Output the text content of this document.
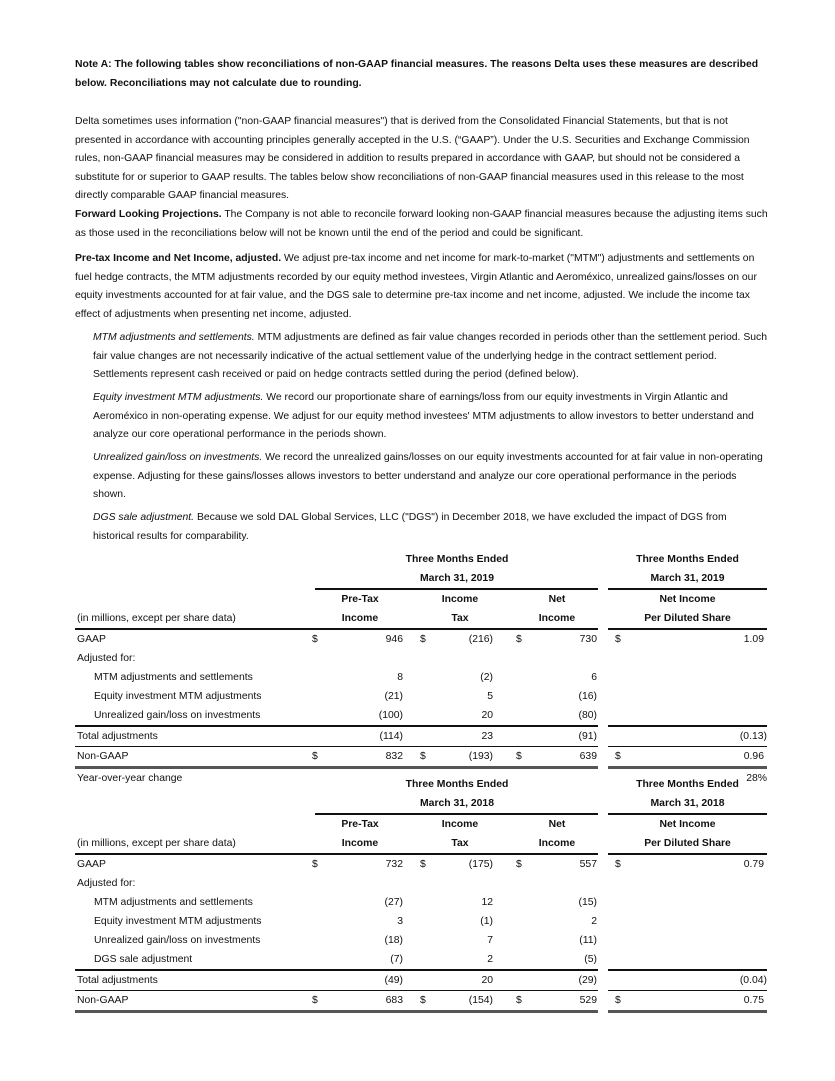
Note A: The following tables show reconciliations of non-GAAP financial measures. The reasons Delta uses these measures are described below. Reconciliations may not calculate due to rounding.

Delta sometimes uses information ("non-GAAP financial measures") that is derived from the Consolidated Financial Statements, but that is not presented in accordance with accounting principles generally accepted in the U.S. (“GAAP”). Under the U.S. Securities and Exchange Commission rules, non-GAAP financial measures may be considered in addition to results prepared in accordance with GAAP, but should not be considered a substitute for or superior to GAAP results. The tables below show reconciliations of non-GAAP financial measures used in this release to the most directly comparable GAAP financial measures.

Forward Looking Projections. The Company is not able to reconcile forward looking non-GAAP financial measures because the adjusting items such as those used in the reconciliations below will not be known until the end of the period and could be significant.

Pre-tax Income and Net Income, adjusted. We adjust pre-tax income and net income for mark-to-market ("MTM") adjustments and settlements on fuel hedge contracts, the MTM adjustments recorded by our equity method investees, Virgin Atlantic and Aeroméxico, unrealized gains/losses on our equity investments accounted for at fair value, and the DGS sale to determine pre-tax income and net income, adjusted. We include the income tax effect of adjustments when presenting net income, adjusted.

MTM adjustments and settlements. MTM adjustments are defined as fair value changes recorded in periods other than the settlement period. Such fair value changes are not necessarily indicative of the actual settlement value of the underlying hedge in the contract settlement period. Settlements represent cash received or paid on hedge contracts settled during the period (defined below).

Equity investment MTM adjustments. We record our proportionate share of earnings/loss from our equity investments in Virgin Atlantic and Aeroméxico in non-operating expense. We adjust for our equity method investees' MTM adjustments to allow investors to better understand and analyze our core operational performance in the periods shown.

Unrealized gain/loss on investments. We record the unrealized gains/losses on our equity investments accounted for at fair value in non-operating expense. Adjusting for these gains/losses allows investors to better understand and analyze our core operational performance in the periods shown.

DGS sale adjustment. Because we sold DAL Global Services, LLC ("DGS") in December 2018, we have excluded the impact of DGS from historical results for comparability.

Three Months Ended
March 31, 2019
Three Months Ended
March 31, 2019
Pre-Tax
Income
Income
Tax
Net
Income
Net Income
Per Diluted Share
(in millions, except per share data)
GAAP	$	946 $	(216) $	730 $	1.09
Adjusted for:
MTM adjustments and settlements	8	(2)	6
Equity investment MTM adjustments	(21)	5	(16)
Unrealized gain/loss on investments	(100)	20	(80)
Total adjustments	(114)	23	(91)	(0.13)
Non-GAAP	$	832 $	(193) $	639 $	0.96
Year-over-year change	28%
Three Months Ended
March 31, 2018
Three Months Ended
March 31, 2018
Pre-Tax
Income
Income
Tax
Net
Income
Net Income
Per Diluted Share
(in millions, except per share data)
GAAP	$	732 $	(175) $	557 $	0.79
Adjusted for:
MTM adjustments and settlements	(27)	12	(15)
Equity investment MTM adjustments	3	(1)	2
Unrealized gain/loss on investments	(18)	7	(11)
DGS sale adjustment	(7)	2	(5)
Total adjustments	(49)	20	(29)	(0.04)
Non-GAAP	$	683 $	(154) $	529 $	0.75
